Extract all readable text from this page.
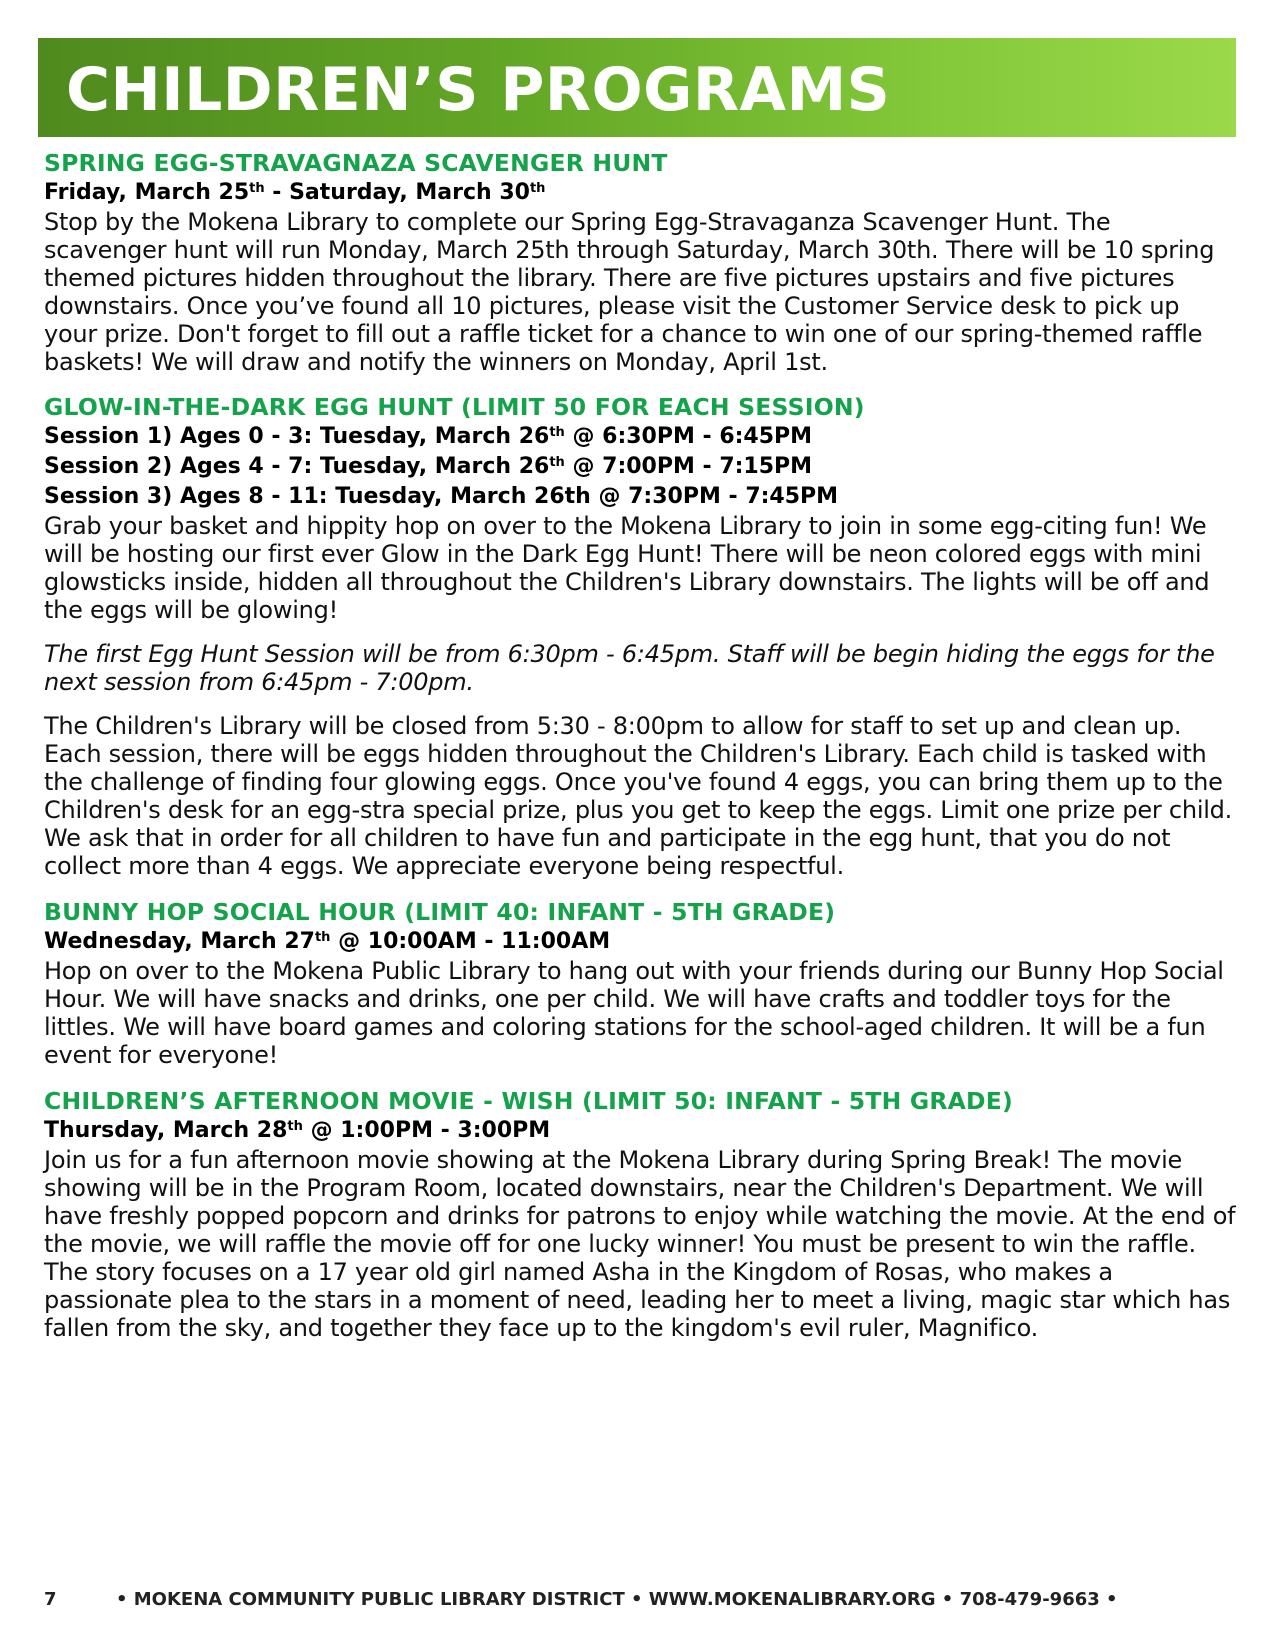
CHILDREN’S PROGRAMS
SPRING EGG-STRAVAGNAZA SCAVENGER HUNT
Friday, March 25th - Saturday, March 30th

Stop by the Mokena Library to complete our Spring Egg-Stravaganza Scavenger Hunt. The scavenger hunt will run Monday, March 25th through Saturday, March 30th. There will be 10 spring themed pictures hidden throughout the library. There are five pictures upstairs and five pictures downstairs. Once you’ve found all 10 pictures, please visit the Customer Service desk to pick up your prize. Don't forget to fill out a raffle ticket for a chance to win one of our spring-themed raffle baskets! We will draw and notify the winners on Monday, April 1st.

GLOW-IN-THE-DARK EGG HUNT (LIMIT 50 FOR EACH SESSION)
Session 1) Ages 0 - 3: Tuesday, March 26th @ 6:30PM - 6:45PM
Session 2) Ages 4 - 7: Tuesday, March 26th @ 7:00PM - 7:15PM
Session 3) Ages 8 - 11: Tuesday, March 26th @ 7:30PM - 7:45PM

Grab your basket and hippity hop on over to the Mokena Library to join in some egg-citing fun! We will be hosting our first ever Glow in the Dark Egg Hunt! There will be neon colored eggs with mini glowsticks inside, hidden all throughout the Children's Library downstairs. The lights will be off and the eggs will be glowing!

The first Egg Hunt Session will be from 6:30pm - 6:45pm. Staff will be begin hiding the eggs for the next session from 6:45pm - 7:00pm.

The Children's Library will be closed from 5:30 - 8:00pm to allow for staff to set up and clean up. Each session, there will be eggs hidden throughout the Children's Library. Each child is tasked with the challenge of finding four glowing eggs. Once you've found 4 eggs, you can bring them up to the Children's desk for an egg-stra special prize, plus you get to keep the eggs. Limit one prize per child. We ask that in order for all children to have fun and participate in the egg hunt, that you do not collect more than 4 eggs. We appreciate everyone being respectful.

BUNNY HOP SOCIAL HOUR (LIMIT 40: INFANT - 5TH GRADE)
Wednesday, March 27th @ 10:00AM - 11:00AM

Hop on over to the Mokena Public Library to hang out with your friends during our Bunny Hop Social Hour. We will have snacks and drinks, one per child. We will have crafts and toddler toys for the littles. We will have board games and coloring stations for the school-aged children. It will be a fun event for everyone!

CHILDREN’S AFTERNOON MOVIE - WISH (LIMIT 50: INFANT - 5TH GRADE)
Thursday, March 28th @ 1:00PM - 3:00PM

Join us for a fun afternoon movie showing at the Mokena Library during Spring Break! The movie showing will be in the Program Room, located downstairs, near the Children's Department. We will have freshly popped popcorn and drinks for patrons to enjoy while watching the movie. At the end of the movie, we will raffle the movie off for one lucky winner! You must be present to win the raffle.

The story focuses on a 17 year old girl named Asha in the Kingdom of Rosas, who makes a passionate plea to the stars in a moment of need, leading her to meet a living, magic star which has fallen from the sky, and together they face up to the kingdom's evil ruler, Magnifico.

7	• MOKENA COMMUNITY PUBLIC LIBRARY DISTRICT • WWW.MOKENALIBRARY.ORG • 708-479-9663 •
